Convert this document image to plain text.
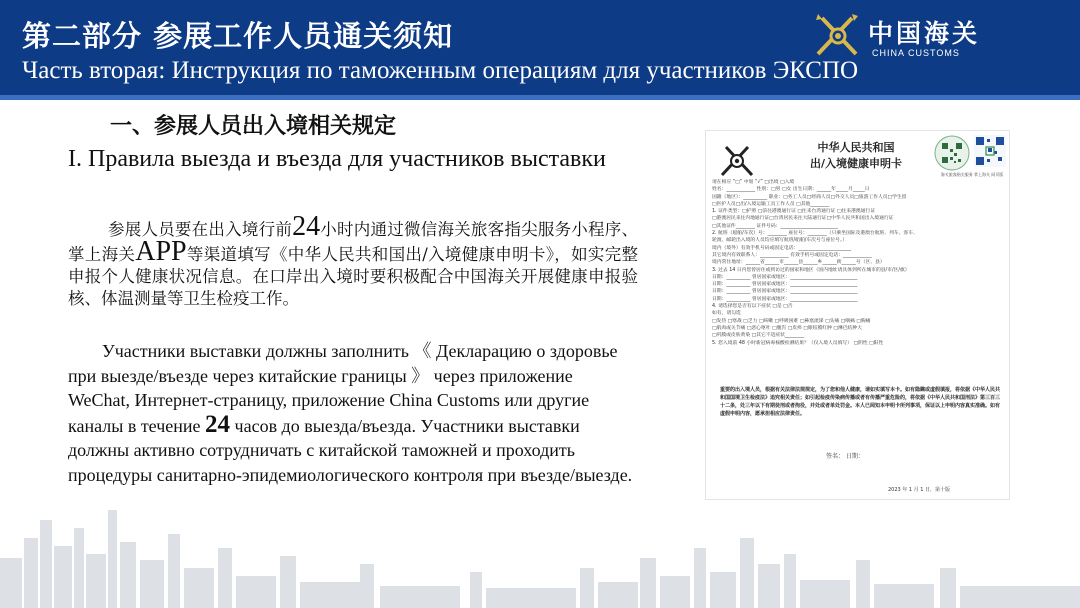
第二部分 参展工作人员通关须知
Часть вторая: Инструкция по таможенным операциям для участников ЭКСПО
中国海关
CHINA CUSTOMS
一、参展人员出入境相关规定
I. Правила выезда и въезда для участников выставки
参展人员要在出入境行前24小时内通过微信海关旅客指尖服务小程序、掌上海关APP等渠道填写《中华人民共和国出/入境健康申明卡》，如实完整申报个人健康状况信息。在口岸出入境时要积极配合中国海关开展健康申报验核、体温测量等卫生检疫工作。
Участники выставки должны заполнить 《 Декларацию о здоровье при выезде/въезде через китайские границы 》 через приложение WeChat, Интернет-страницу, приложение China Customs или другие каналы в течение 24 часов до выезда/въезда. Участники выставки должны активно сотрудничать с китайской таможней и проходить процедуры санитарно-эпидемиологического контроля при въезде/выезде.
中华人民共和国
出/入境健康申明卡
海关旅客指尖服务 掌上海关 网页版
请在相应 “□” 中划 “√” □出境 □入境
姓名：____________ 性别：□男 □女 出生日期：______年_____月_____日
国籍（地区）：__________ 职业：□务工人员□经商人员□外交人员□旅游工作人员□学生留
□医护人员□出/入境运输工具工作人员 □其他________
1. 证件类型：□护照 □前往港澳通行证 □往来台湾通行证 □往来港澳通行证
□港澳居民来往内地通行证□台湾居民来往大陆通行证□中华人民共和国出入境通行证
□其他证件________ 证件号码：________________________
2. 航班（船舶/车次）号：________ 座位号：________（只乘坐国际及港澳台航班、列车、客车、
轮渡、邮轮出入境的人员均应填写航班/船舶/车次号与座位号。）
境内（境外）有效手机号码或固定电话：______________________
其它境内有效联系人：____________ 有效手机号或固定电话：____________
境内常住地址：______省______市______县______乡______街______号（区、县）
3. 过去 14 日内您曾居住或到访过的国家和地区（国内地址请具体到所在城市的县/市/区/旗）
日期：__________ 曾居国家或地区：____________________________
日期：__________ 曾居国家或地区：____________________________
日期：__________ 曾居国家或地区：____________________________
日期：__________ 曾居国家或地区：____________________________
4. 请选择您是否有以下症状 □是 □否
如有，请勾选
□发热 □寒战 □乏力 □咳嗽 □呼吸困难 □鼻塞流涕 □头痛 □咽痛 □胸痛
□肌肉或关节痛 □恶心呕吐 □腹泻 □皮疹 □眼结膜红肿 □淋巴结肿大
□巩膜或皮肤黄染 □其它不适症状________
5. 您入境前 48 小时新冠病毒核酸检测结果？（仅入境人员填写） □阴性 □阳性
重要的出入境人员，根据有关法律法规规定，为了您和他人健康，请如实填写本卡。如有隐瞒或虚假填报，将依据《中华人民共和国国境卫生检疫法》追究相关责任；如引起检疫传染病传播或者有传播严重危险的，将依据《中华人民共和国刑法》第三百三十二条，处三年以下有期徒刑或者拘役，并处或者单处罚金。本人已阅知本申明卡所列事项，保证以上申明内容真实准确。如有虚假申明内容，愿承担相应法律责任。
签名： 日期：
2023 年 1 月 1 日，第十版
